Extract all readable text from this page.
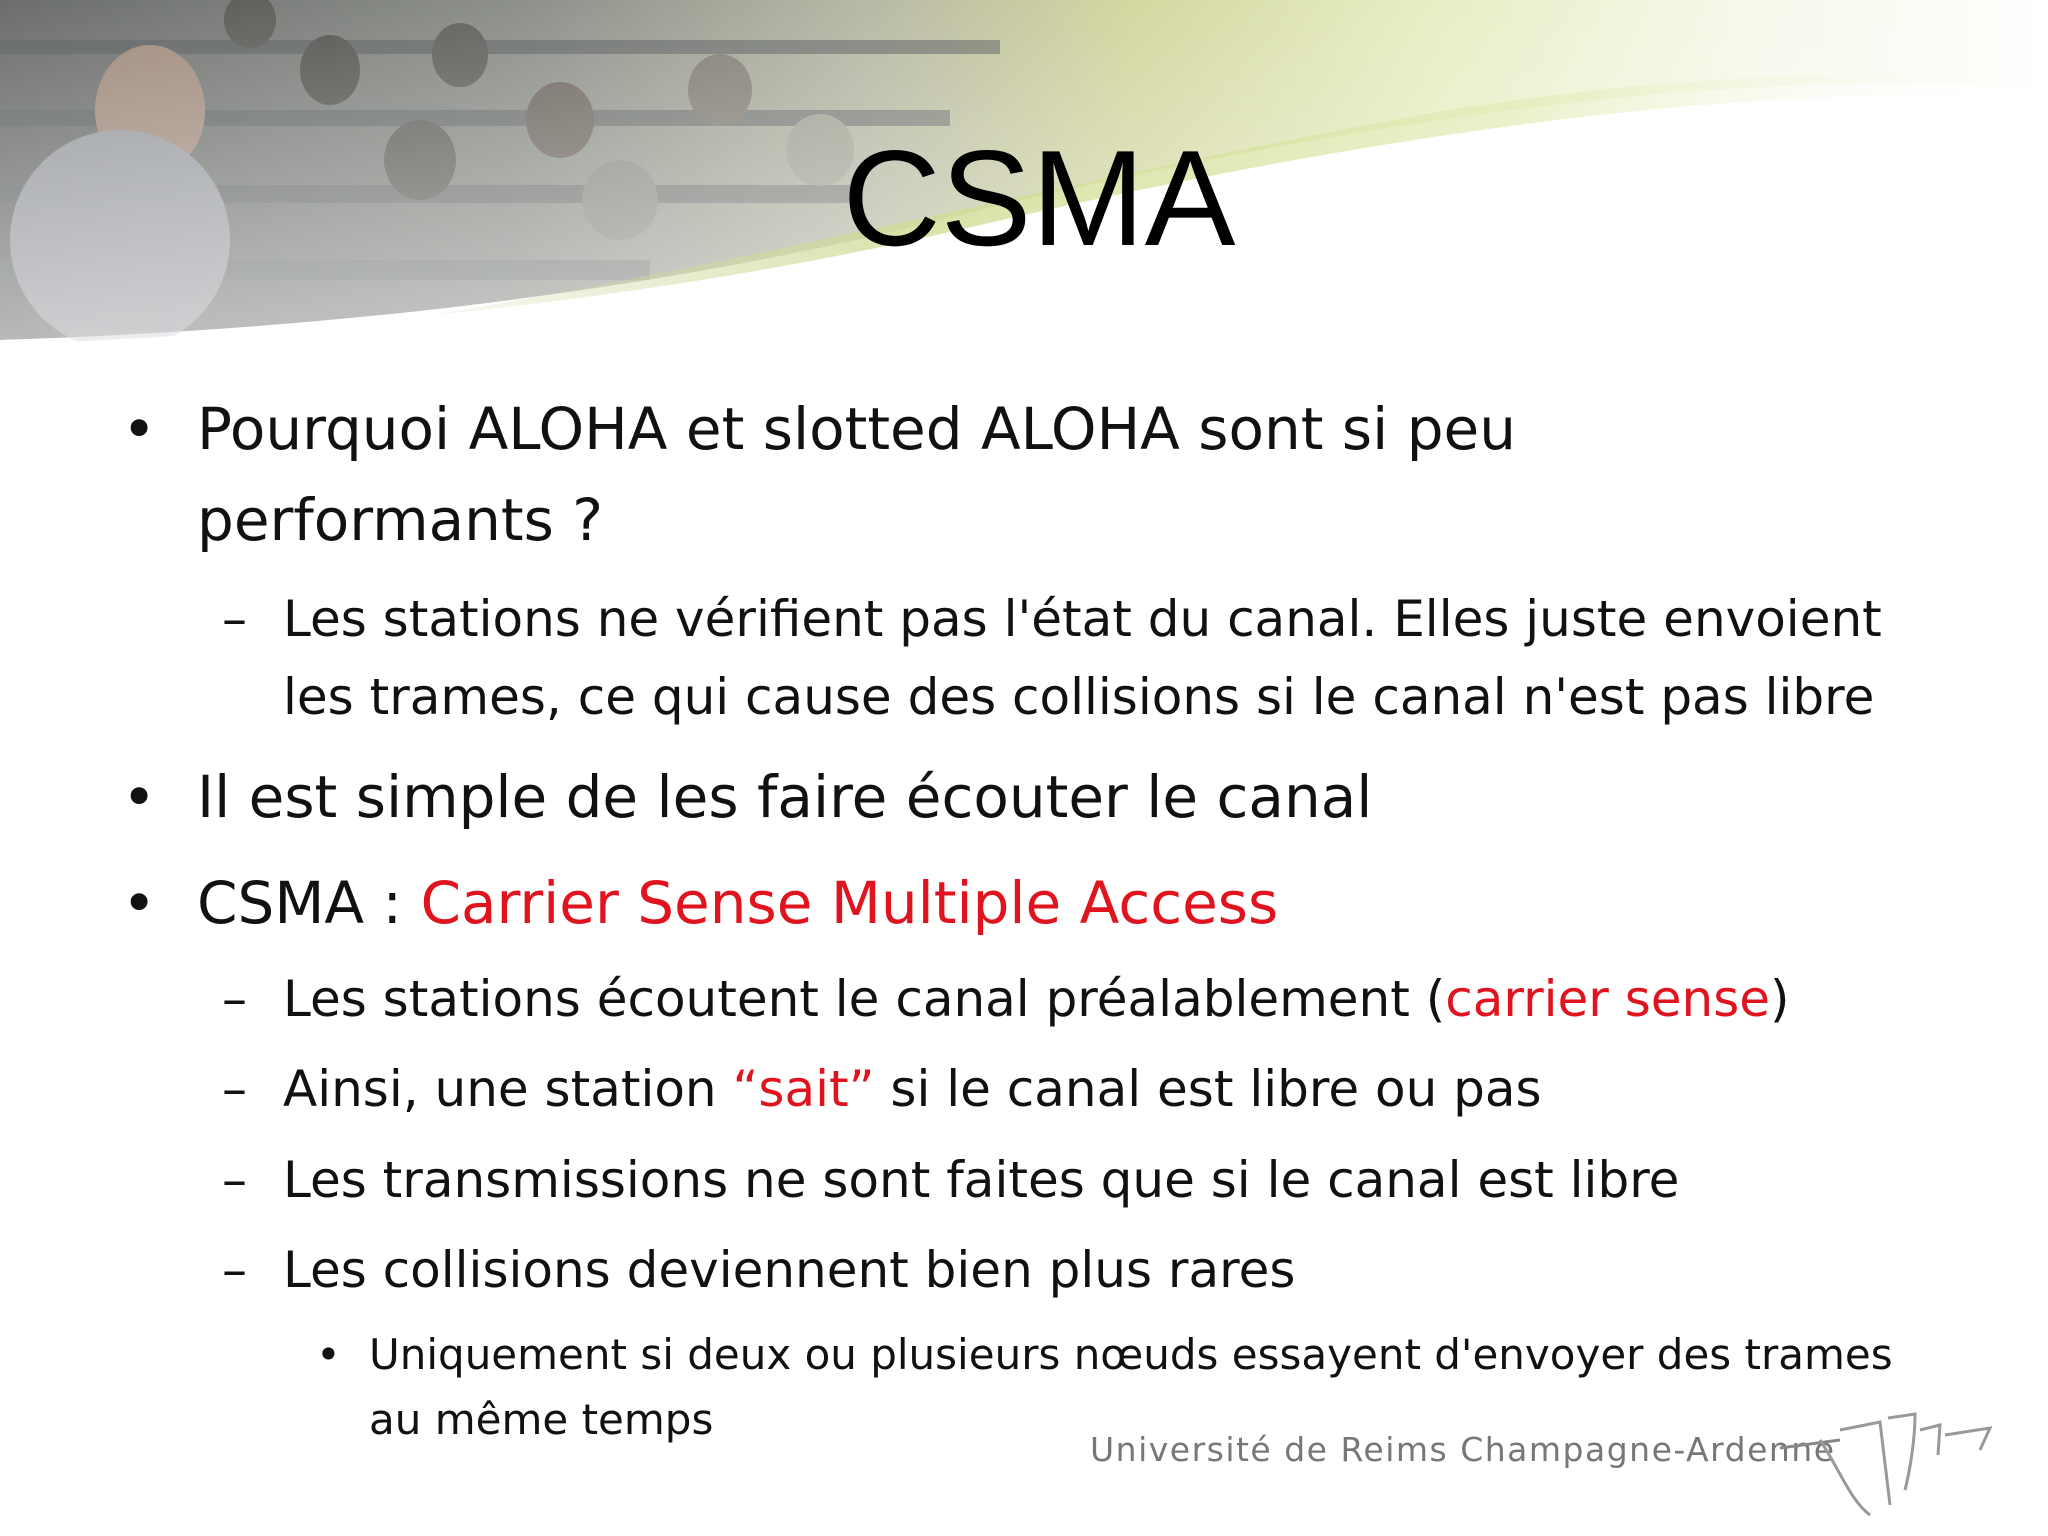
CSMA
• Pourquoi ALOHA et slotted ALOHA sont si peu
performants ?
– Les stations ne vérifient pas l'état du canal. Elles juste envoient
les trames, ce qui cause des collisions si le canal n'est pas libre
• Il est simple de les faire écouter le canal
• CSMA : Carrier Sense Multiple Access
– Les stations écoutent le canal préalablement (carrier sense)
– Ainsi, une station “sait” si le canal est libre ou pas
– Les transmissions ne sont faites que si le canal est libre
– Les collisions deviennent bien plus rares
• Uniquement si deux ou plusieurs nœuds essayent d'envoyer des trames
au même temps
Université de Reims Champagne-Ardenne
